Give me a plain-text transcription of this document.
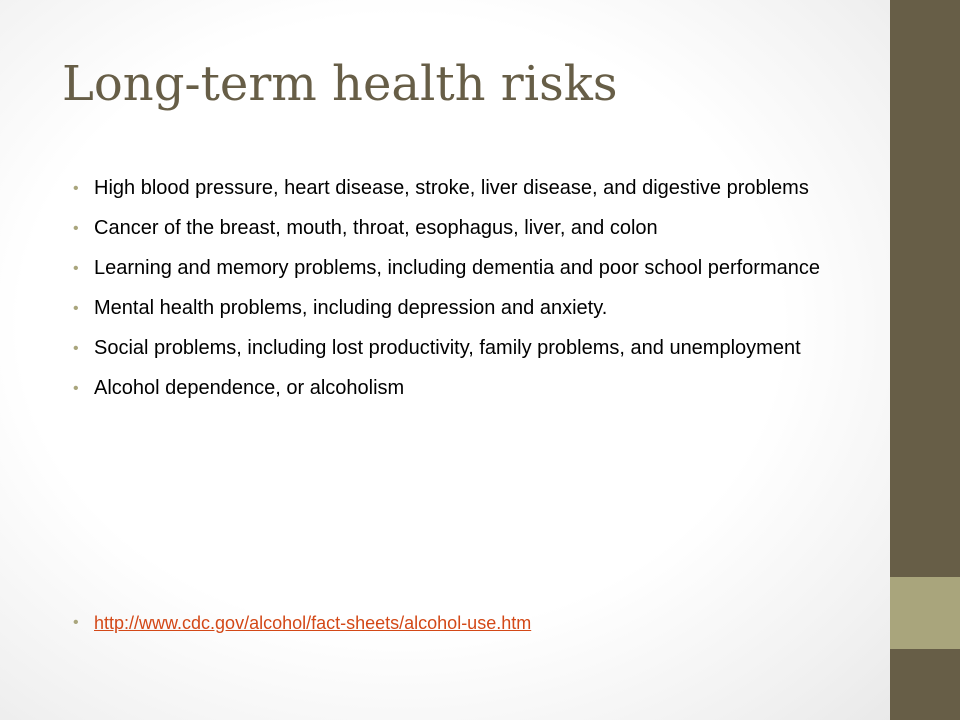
Long-term health risks
• High blood pressure, heart disease, stroke, liver disease, and digestive problems
• Cancer of the breast, mouth, throat, esophagus, liver, and colon
• Learning and memory problems, including dementia and poor school performance
• Mental health problems, including depression and anxiety.
• Social problems, including lost productivity, family problems, and unemployment
• Alcohol dependence, or alcoholism
• http://www.cdc.gov/alcohol/fact-sheets/alcohol-use.htm
